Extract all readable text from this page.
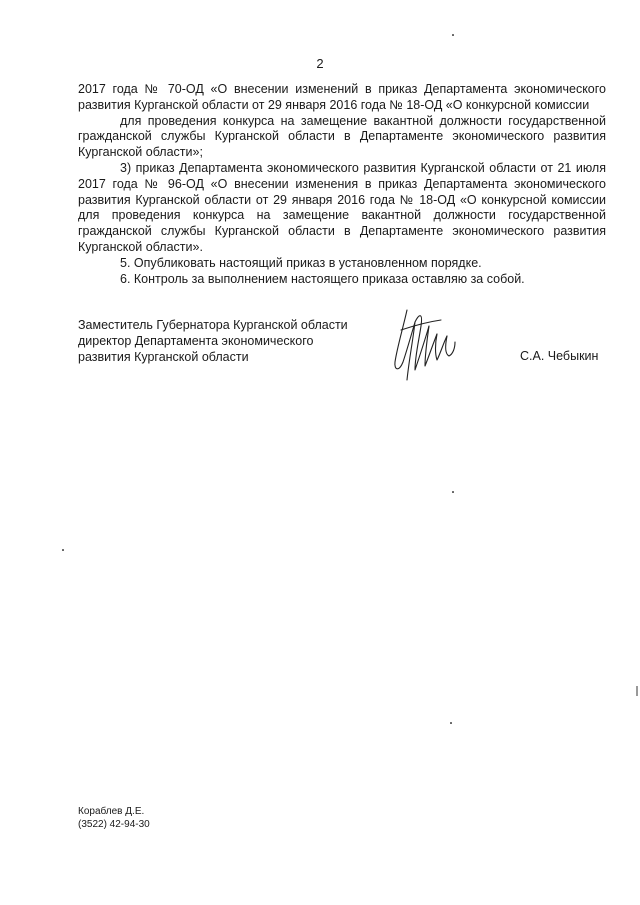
2

2017 года № 70-ОД «О внесении изменений в приказ Департамента экономического развития Курганской области от 29 января 2016 года № 18-ОД «О конкурсной комиссии

для проведения конкурса на замещение вакантной должности государственной гражданской службы Курганской области в Департаменте экономического развития Курганской области»;

3) приказ Департамента экономического развития Курганской области от 21 июля 2017 года № 96-ОД «О внесении изменения в приказ Департамента экономического развития Курганской области от 29 января 2016 года № 18-ОД «О конкурсной комиссии для проведения конкурса на замещение вакантной должности государственной гражданской службы Курганской области в Департаменте экономического развития Курганской области».

5. Опубликовать настоящий приказ в установленном порядке.

6. Контроль за выполнением настоящего приказа оставляю за собой.

Заместитель Губернатора Курганской области
директор Департамента экономического
развития Курганской области	С.А. Чебыкин
Кораблев Д.Е.
(3522) 42-94-30
